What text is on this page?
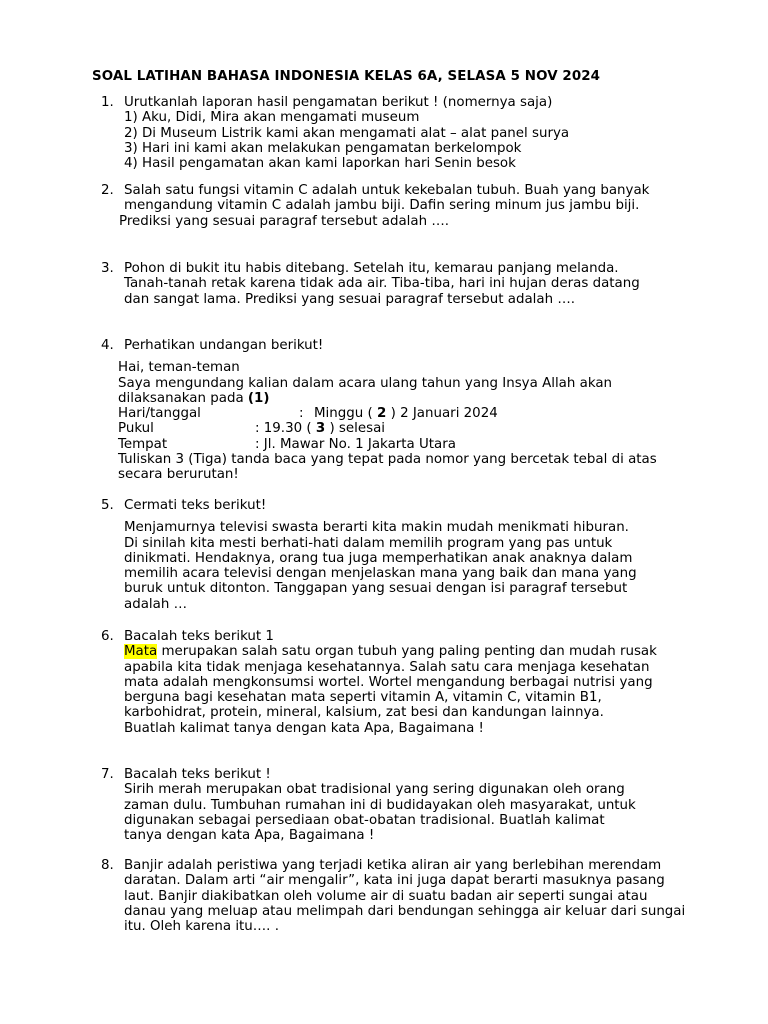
SOAL LATIHAN BAHASA INDONESIA KELAS 6A, SELASA 5 NOV 2024
1. Urutkanlah laporan hasil pengamatan berikut ! (nomernya saja)
1) Aku, Didi, Mira akan mengamati museum
2) Di Museum Listrik kami akan mengamati alat – alat panel surya
3) Hari ini kami akan melakukan pengamatan berkelompok
4) Hasil pengamatan akan kami laporkan hari Senin besok
2. Salah satu fungsi vitamin C adalah untuk kekebalan tubuh. Buah yang banyak mengandung vitamin C adalah jambu biji. Dafin sering minum jus jambu biji.
Prediksi yang sesuai paragraf tersebut adalah ….
3. Pohon di bukit itu habis ditebang. Setelah itu, kemarau panjang melanda. Tanah-tanah retak karena tidak ada air. Tiba-tiba, hari ini hujan deras datang dan sangat lama. Prediksi yang sesuai paragraf tersebut adalah ….
4. Perhatikan undangan berikut!
Hai, teman-teman
Saya mengundang kalian dalam acara ulang tahun yang Insya Allah akan dilaksanakan pada (1)
Hari/tanggal	: Minggu ( 2 ) 2 Januari 2024
Pukul	: 19.30 ( 3 ) selesai
Tempat	: Jl. Mawar No. 1 Jakarta Utara
Tuliskan 3 (Tiga) tanda baca yang tepat pada nomor yang bercetak tebal di atas secara berurutan!
5. Cermati teks berikut!
Menjamurnya televisi swasta berarti kita makin mudah menikmati hiburan. Di sinilah kita mesti berhati-hati dalam memilih program yang pas untuk dinikmati. Hendaknya, orang tua juga memperhatikan anak anaknya dalam memilih acara televisi dengan menjelaskan mana yang baik dan mana yang buruk untuk ditonton. Tanggapan yang sesuai dengan isi paragraf tersebut adalah …
6. Bacalah teks berikut 1
Mata merupakan salah satu organ tubuh yang paling penting dan mudah rusak apabila kita tidak menjaga kesehatannya. Salah satu cara menjaga kesehatan mata adalah mengkonsumsi wortel. Wortel mengandung berbagai nutrisi yang berguna bagi kesehatan mata seperti vitamin A, vitamin C, vitamin B1, karbohidrat, protein, mineral, kalsium, zat besi dan kandungan lainnya.
Buatlah kalimat tanya dengan kata Apa, Bagaimana !
7. Bacalah teks berikut !
Sirih merah merupakan obat tradisional yang sering digunakan oleh orang zaman dulu. Tumbuhan rumahan ini di budidayakan oleh masyarakat, untuk digunakan sebagai persediaan obat-obatan tradisional. Buatlah kalimat tanya dengan kata Apa, Bagaimana !
8. Banjir adalah peristiwa yang terjadi ketika aliran air yang berlebihan merendam daratan. Dalam arti “air mengalir”, kata ini juga dapat berarti masuknya pasang laut. Banjir diakibatkan oleh volume air di suatu badan air seperti sungai atau danau yang meluap atau melimpah dari bendungan sehingga air keluar dari sungai itu. Oleh karena itu…. .
